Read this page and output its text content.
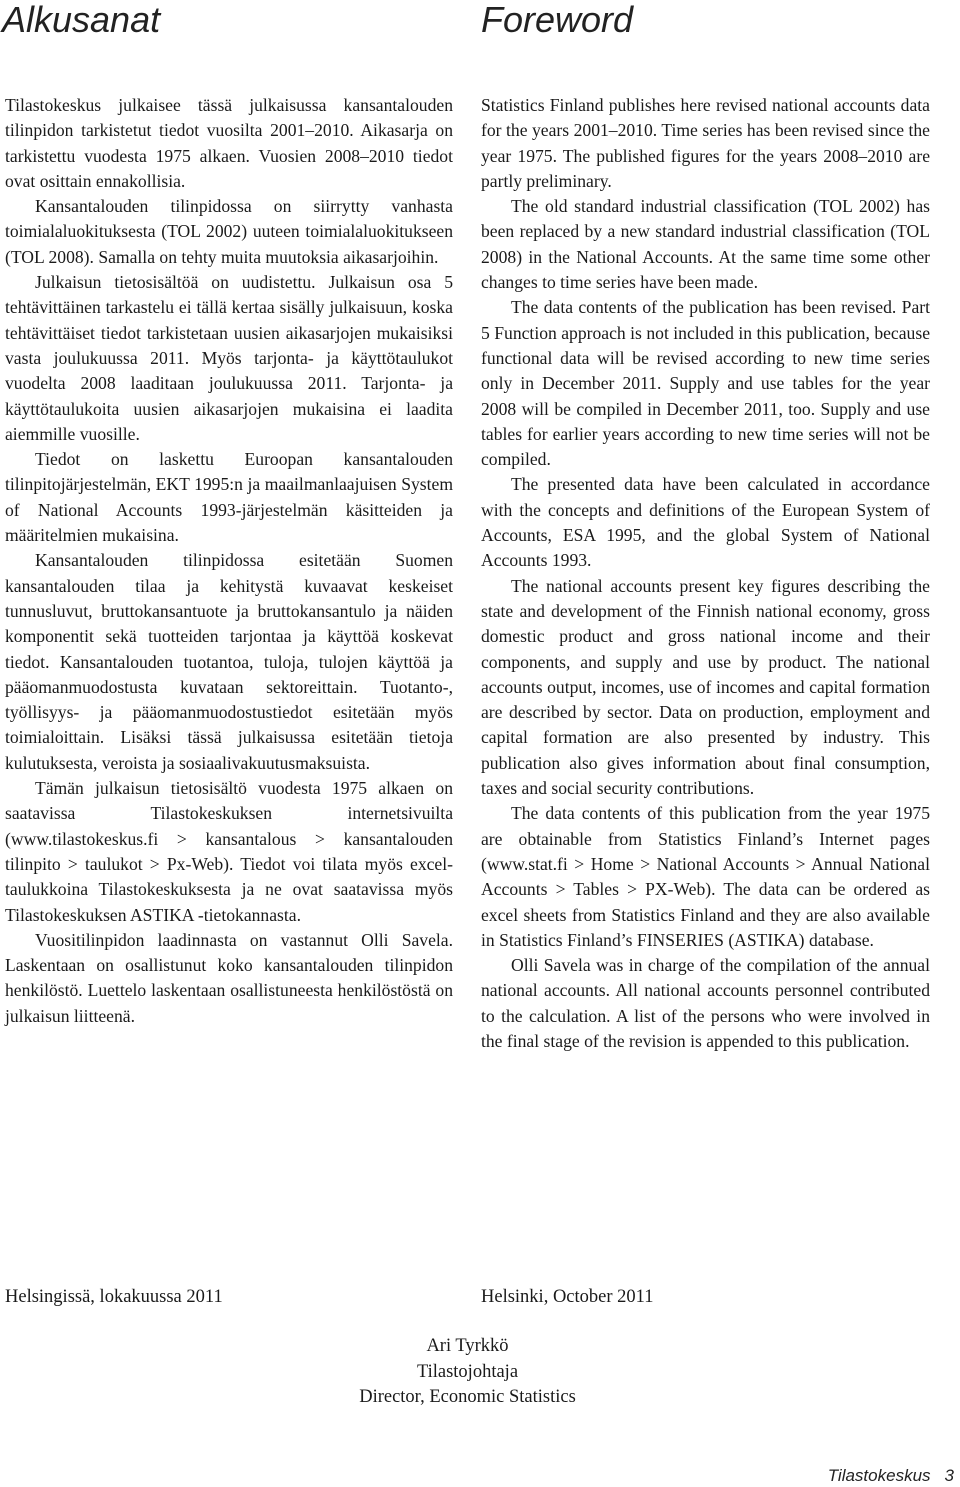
Alkusanat	Foreword

Tilastokeskus julkaisee tässä julkaisussa kansantalouden tilinpidon tarkistetut tiedot vuosilta 2001–2010. Aikasarja on tarkistettu vuodesta 1975 alkaen. Vuosien 2008–2010 tiedot ovat osittain ennakollisia.

Kansantalouden tilinpidossa on siirrytty vanhasta toimialaluokituksesta (TOL 2002) uuteen toimialaluokitukseen (TOL 2008). Samalla on tehty muita muutoksia aikasarjoihin.

Julkaisun tietosisältöä on uudistettu. Julkaisun osa 5 tehtävittäinen tarkastelu ei tällä kertaa sisälly julkaisuun, koska tehtävittäiset tiedot tarkistetaan uusien aikasarjojen mukaisiksi vasta joulukuussa 2011. Myös tarjonta- ja käyttötaulukot vuodelta 2008 laaditaan joulukuussa 2011. Tarjonta- ja käyttötaulukoita uusien aikasarjojen mukaisina ei laadita aiemmille vuosille.

Tiedot on laskettu Euroopan kansantalouden tilinpitojärjestelmän, EKT 1995:n ja maailmanlaajuisen System of National Accounts 1993-järjestelmän käsitteiden ja määritelmien mukaisina.

Kansantalouden tilinpidossa esitetään Suomen kansantalouden tilaa ja kehitystä kuvaavat keskeiset tunnusluvut, bruttokansantuote ja bruttokansantulo ja näiden komponentit sekä tuotteiden tarjontaa ja käyttöä koskevat tiedot. Kansantalouden tuotantoa, tuloja, tulojen käyttöä ja pääomanmuodostusta kuvataan sektoreittain. Tuotanto-, työllisyys- ja pääomanmuodostustiedot esitetään myös toimialoittain. Lisäksi tässä julkaisussa esitetään tietoja kulutuksesta, veroista ja sosiaalivakuutusmaksuista.

Tämän julkaisun tietosisältö vuodesta 1975 alkaen on saatavissa Tilastokeskuksen internetsivuilta (www.tilastokeskus.fi > kansantalous > kansantalouden tilinpito > taulukot > Px-Web). Tiedot voi tilata myös excel-taulukkoina Tilastokeskuksesta ja ne ovat saatavissa myös Tilastokeskuksen ASTIKA -tietokannasta.

Vuositilinpidon laadinnasta on vastannut Olli Savela. Laskentaan on osallistunut koko kansantalouden tilinpidon henkilöstö. Luettelo laskentaan osallistuneesta henkilöstöstä on julkaisun liitteenä.

Statistics Finland publishes here revised national accounts data for the years 2001–2010. Time series has been revised since the year 1975. The published figures for the years 2008–2010 are partly preliminary.

The old standard industrial classification (TOL 2002) has been replaced by a new standard industrial classification (TOL 2008) in the National Accounts. At the same time some other changes to time series have been made.

The data contents of the publication has been revised. Part 5 Function approach is not included in this publication, because functional data will be revised according to new time series only in December 2011. Supply and use tables for the year 2008 will be compiled in December 2011, too. Supply and use tables for earlier years according to new time series will not be compiled.

The presented data have been calculated in accordance with the concepts and definitions of the European System of Accounts, ESA 1995, and the global System of National Accounts 1993.

The national accounts present key figures describing the state and development of the Finnish national economy, gross domestic product and gross national income and their components, and supply and use by product. The national accounts output, incomes, use of incomes and capital formation are described by sector. Data on production, employment and capital formation are also presented by industry. This publication also gives information about final consumption, taxes and social security contributions.

The data contents of this publication from the year 1975 are obtainable from Statistics Finland’s Internet pages (www.stat.fi > Home > National Accounts > Annual National Accounts > Tables > PX-Web). The data can be ordered as excel sheets from Statistics Finland and they are also available in Statistics Finland’s FINSERIES (ASTIKA) database.

Olli Savela was in charge of the compilation of the annual national accounts. All national accounts personnel contributed to the calculation. A list of the persons who were involved in the final stage of the revision is appended to this publication.

Helsingissä, lokakuussa 2011	Helsinki, October 2011

Ari Tyrkkö
Tilastojohtaja
Director, Economic Statistics
Tilastokeskus 3
